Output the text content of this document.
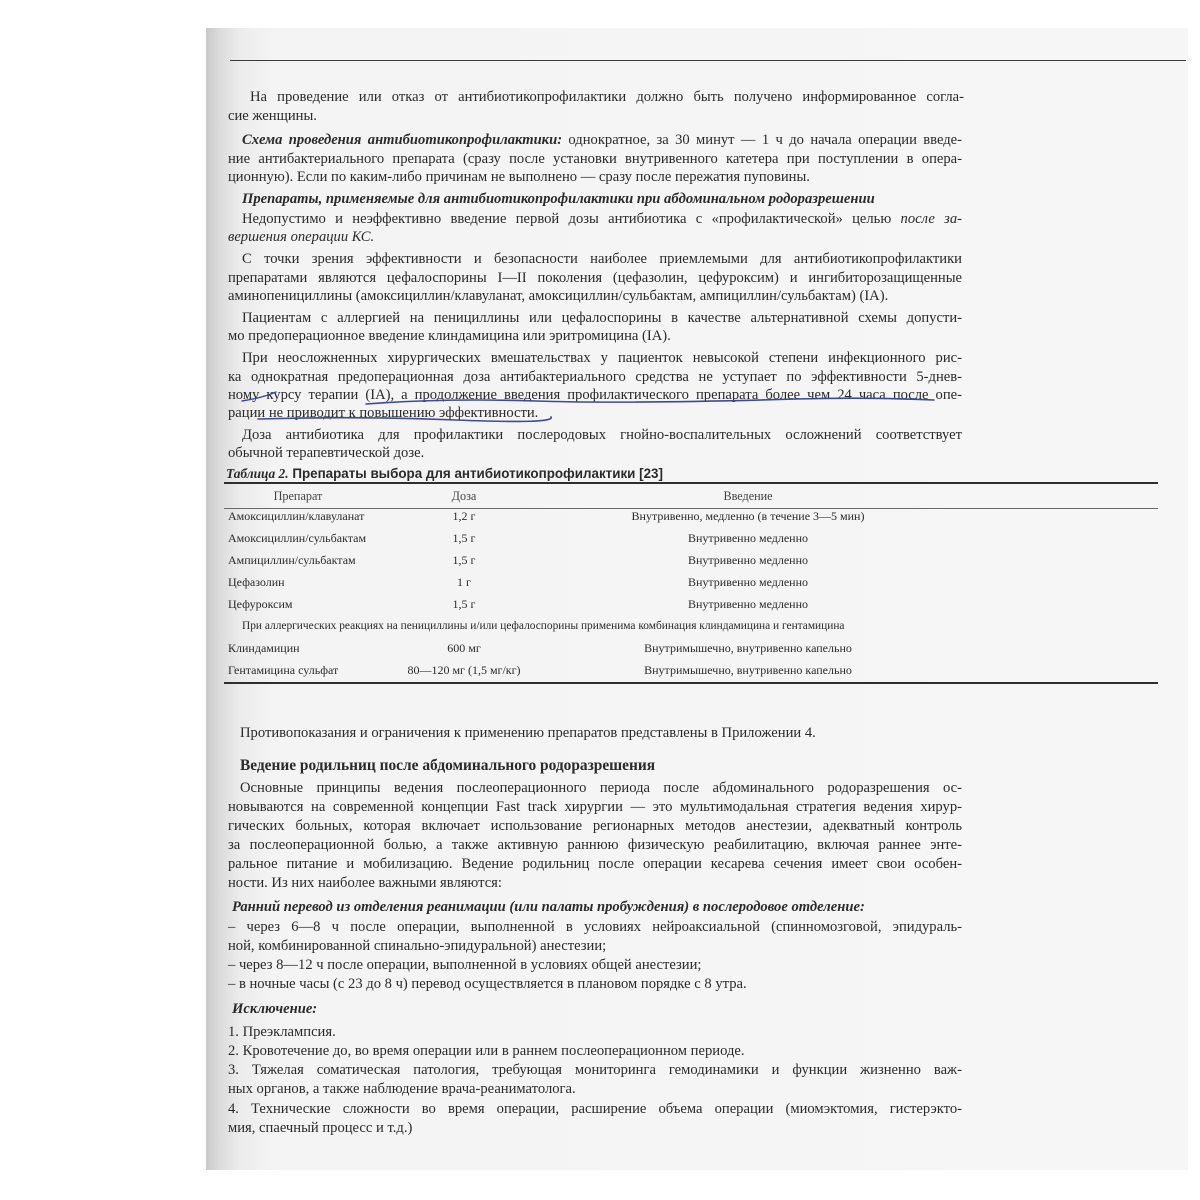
На проведение или отказ от антибиотикопрофилактики должно быть получено информированное согла-
сие женщины.
Схема проведения антибиотикопрофилактики: однократное, за 30 минут — 1 ч до начала операции введе-
ние антибактериального препарата (сразу после установки внутривенного катетера при поступлении в опера-
ционную). Если по каким-либо причинам не выполнено — сразу после пережатия пуповины.
Препараты, применяемые для антибиотикопрофилактики при абдоминальном родоразрешении
Недопустимо и неэффективно введение первой дозы антибиотика с «профилактической» целью после за-
вершения операции КС.
С точки зрения эффективности и безопасности наиболее приемлемыми для антибиотикопрофилактики
препаратами являются цефалоспорины I—II поколения (цефазолин, цефуроксим) и ингибиторозащищенные
аминопенициллины (амоксициллин/клавуланат, амоксициллин/сульбактам, ампициллин/сульбактам) (IA).
Пациентам с аллергией на пенициллины или цефалоспорины в качестве альтернативной схемы допусти-
мо предоперационное введение клиндамицина или эритромицина (IA).
При неосложненных хирургических вмешательствах у пациенток невысокой степени инфекционного рис-
ка однократная предоперационная доза антибактериального средства не уступает по эффективности 5-днев-
ному курсу терапии (IA), а продолжение введения профилактического препарата более чем 24 часа после опе-
рации не приводит к повышению эффективности.
Доза антибиотика для профилактики послеродовых гнойно-воспалительных осложнений соответствует
обычной терапевтической дозе.
Таблица 2. Препараты выбора для антибиотикопрофилактики [23]
Препарат	Доза	Введение
Амоксициллин/клавуланат	1,2 г	Внутривенно, медленно (в течение 3—5 мин)
Амоксициллин/сульбактам	1,5 г	Внутривенно медленно
Ампициллин/сульбактам	1,5 г	Внутривенно медленно
Цефазолин	1 г	Внутривенно медленно
Цефуроксим	1,5 г	Внутривенно медленно
При аллергических реакциях на пенициллины и/или цефалоспорины применима комбинация клиндамицина и гентамицина
Клиндамицин	600 мг	Внутримышечно, внутривенно капельно
Гентамицина сульфат	80—120 мг (1,5 мг/кг)	Внутримышечно, внутривенно капельно
Противопоказания и ограничения к применению препаратов представлены в Приложении 4.
Ведение родильниц после абдоминального родоразрешения
Основные принципы ведения послеоперационного периода после абдоминального родоразрешения ос-
новываются на современной концепции Fast track хирургии — это мультимодальная стратегия ведения хирур-
гических больных, которая включает использование регионарных методов анестезии, адекватный контроль
за послеоперационной болью, а также активную раннюю физическую реабилитацию, включая раннее энте-
ральное питание и мобилизацию. Ведение родильниц после операции кесарева сечения имеет свои особен-
ности. Из них наиболее важными являются:
Ранний перевод из отделения реанимации (или палаты пробуждения) в послеродовое отделение:
– через 6—8 ч после операции, выполненной в условиях нейроаксиальной (спинномозговой, эпидураль-
ной, комбинированной спинально-эпидуральной) анестезии;
– через 8—12 ч после операции, выполненной в условиях общей анестезии;
– в ночные часы (с 23 до 8 ч) перевод осуществляется в плановом порядке с 8 утра.
Исключение:
1. Преэклампсия.
2. Кровотечение до, во время операции или в раннем послеоперационном периоде.
3. Тяжелая соматическая патология, требующая мониторинга гемодинамики и функции жизненно важ-
ных органов, а также наблюдение врача-реаниматолога.
4. Технические сложности во время операции, расширение объема операции (миомэктомия, гистерэкто-
мия, спаечный процесс и т.д.)
